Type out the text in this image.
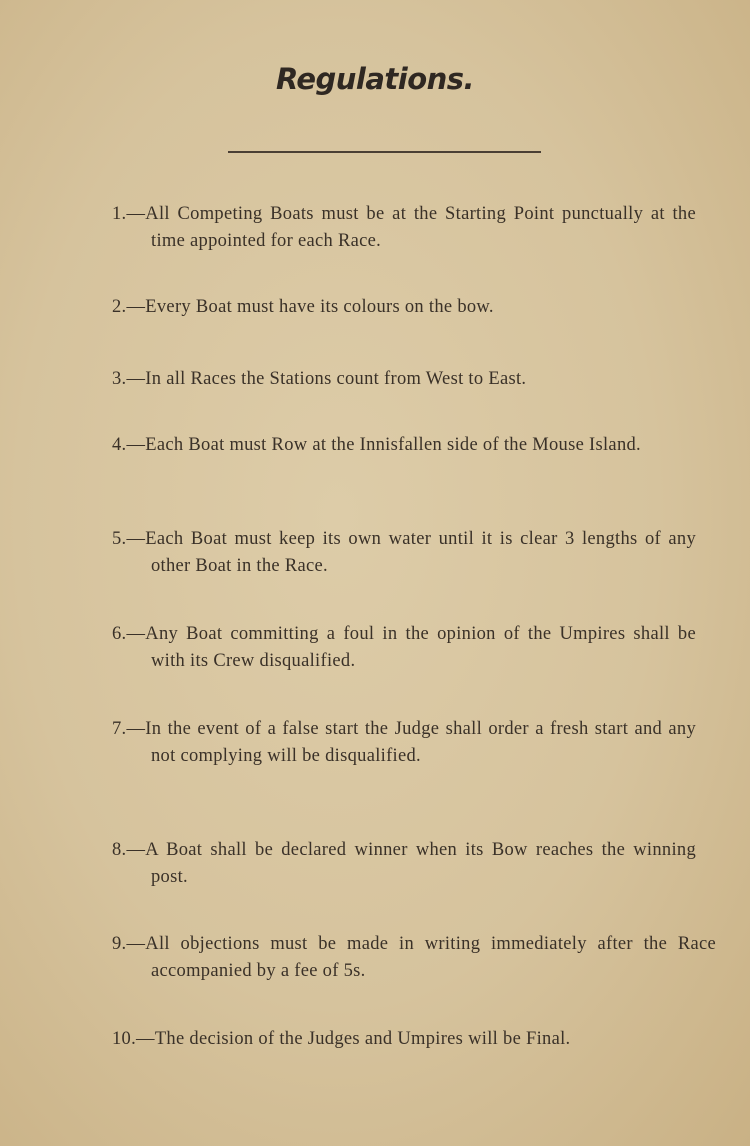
Regulations.
1.—All Competing Boats must be at the Starting Point punctually at the time appointed for each Race.
2.—Every Boat must have its colours on the bow.
3.—In all Races the Stations count from West to East.
4.—Each Boat must Row at the Innisfallen side of the Mouse Island.
5.—Each Boat must keep its own water until it is clear 3 lengths of any other Boat in the Race.
6.—Any Boat committing a foul in the opinion of the Umpires shall be with its Crew disqualified.
7.—In the event of a false start the Judge shall order a fresh start and any not complying will be disqualified.
8.—A Boat shall be declared winner when its Bow reaches the winning post.
9.—All objections must be made in writing immediately after the Race accompanied by a fee of 5s.
10.—The decision of the Judges and Umpires will be Final.
